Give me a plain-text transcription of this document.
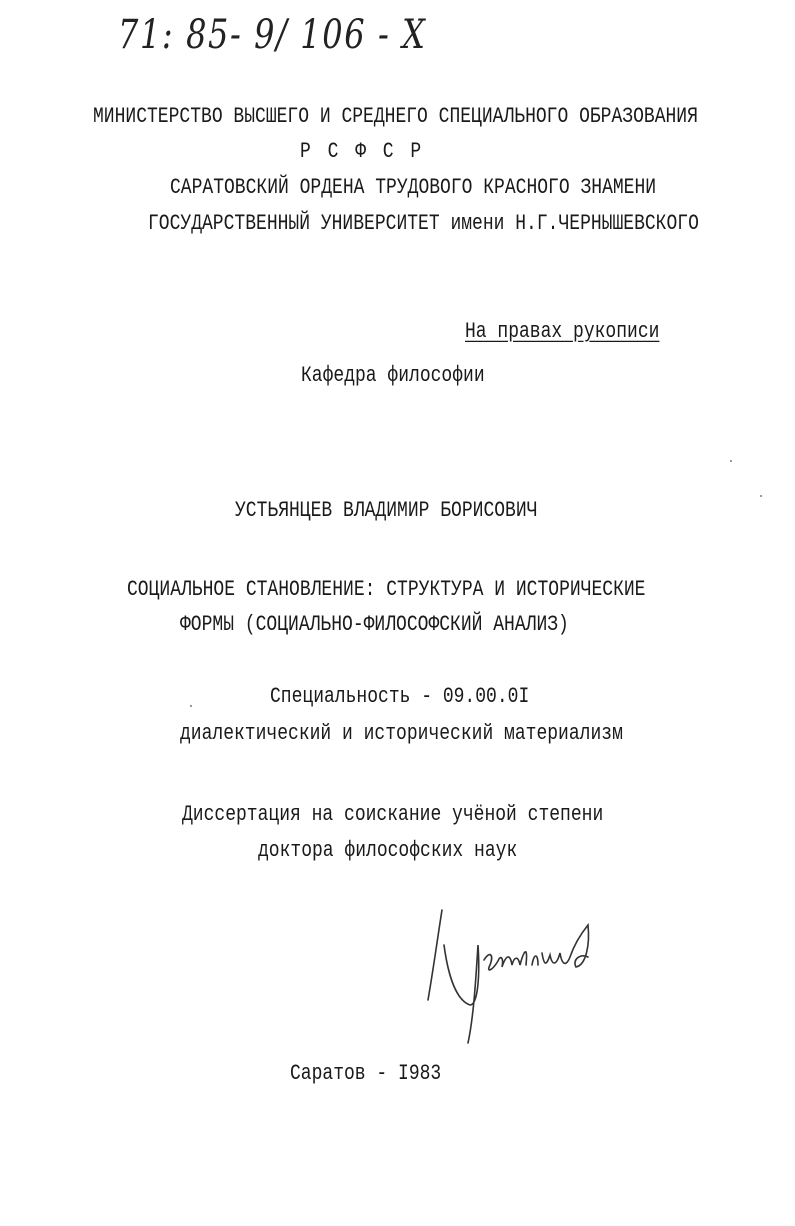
71: 85- 9/ 106 - Х
МИНИСТЕРСТВО ВЫСШЕГО И СРЕДНЕГО СПЕЦИАЛЬНОГО ОБРАЗОВАНИЯ
Р С Ф С Р
САРАТОВСКИЙ ОРДЕНА ТРУДОВОГО КРАСНОГО ЗНАМЕНИ
ГОСУДАРСТВЕННЫЙ УНИВЕРСИТЕТ имени Н.Г.ЧЕРНЫШЕВСКОГО
На правах рукописи
Кафедра философии
УСТЬЯНЦЕВ ВЛАДИМИР БОРИСОВИЧ
СОЦИАЛЬНОЕ СТАНОВЛЕНИЕ: СТРУКТУРА И ИСТОРИЧЕСКИЕ
ФОРМЫ (СОЦИАЛЬНО-ФИЛОСОФСКИЙ АНАЛИЗ)
Специальность - 09.00.0I
диалектический и исторический материализм
Диссертация на соискание учёной степени
доктора философских наук
Саратов - I983
